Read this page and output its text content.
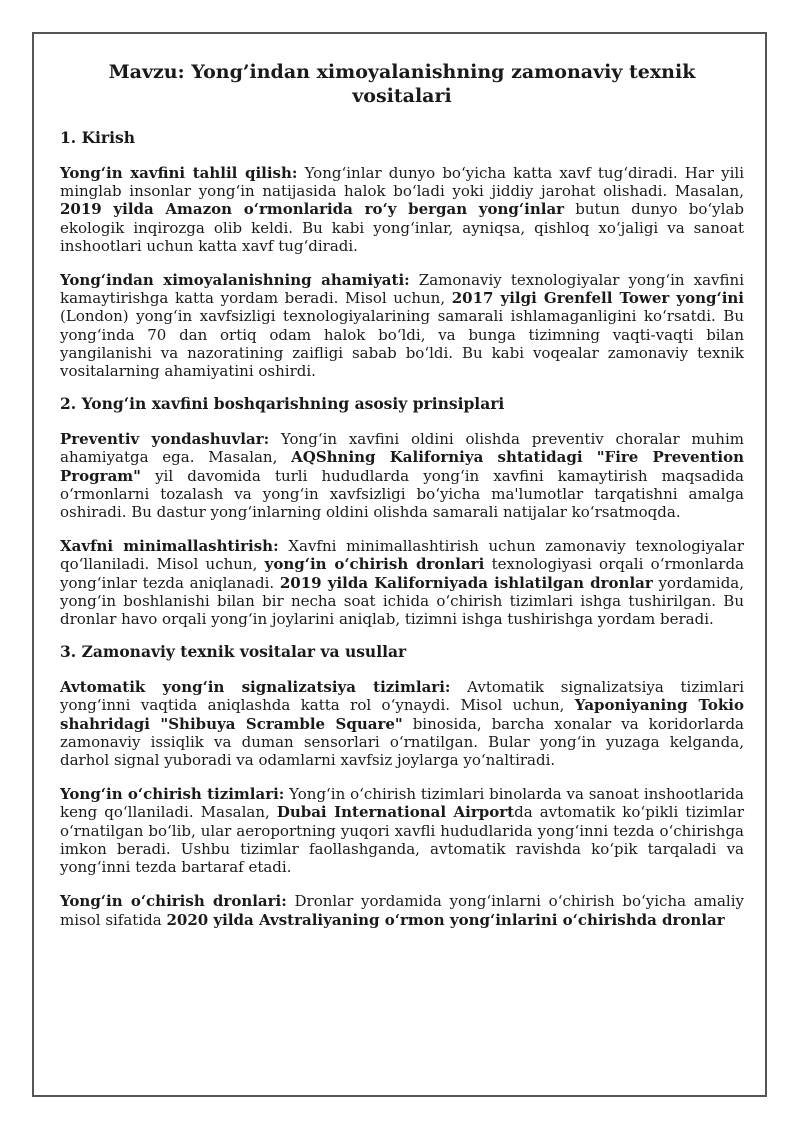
Mavzu: Yong’indan ximoyalanishning zamonaviy texnik vositalari
1. Kirish

Yong‘in xavfini tahlil qilish: Yong‘inlar dunyo bo‘yicha katta xavf tug‘diradi. Har yili minglab insonlar yong‘in natijasida halok bo‘ladi yoki jiddiy jarohat olishadi. Masalan, 2019 yilda Amazon o‘rmonlarida ro‘y bergan yong‘inlar butun dunyo bo‘ylab ekologik inqirozga olib keldi. Bu kabi yong‘inlar, ayniqsa, qishloq xo‘jaligi va sanoat inshootlari uchun katta xavf tug‘diradi.

Yong‘indan ximoyalanishning ahamiyati: Zamonaviy texnologiyalar yong‘in xavfini kamaytirishga katta yordam beradi. Misol uchun, 2017 yilgi Grenfell Tower yong‘ini (London) yong‘in xavfsizligi texnologiyalarining samarali ishlamaganligini ko‘rsatdi. Bu yong‘inda 70 dan ortiq odam halok bo‘ldi, va bunga tizimning vaqti-vaqti bilan yangilanishi va nazoratining zaifligi sabab bo‘ldi. Bu kabi voqealar zamonaviy texnik vositalarning ahamiyatini oshirdi.

2. Yong‘in xavfini boshqarishning asosiy prinsiplari

Preventiv yondashuvlar: Yong‘in xavfini oldini olishda preventiv choralar muhim ahamiyatga ega. Masalan, AQShning Kaliforniya shtatidagi "Fire Prevention Program" yil davomida turli hududlarda yong‘in xavfini kamaytirish maqsadida o‘rmonlarni tozalash va yong‘in xavfsizligi bo‘yicha ma'lumotlar tarqatishni amalga oshiradi. Bu dastur yong‘inlarning oldini olishda samarali natijalar ko‘rsatmoqda.

Xavfni minimallashtirish: Xavfni minimallashtirish uchun zamonaviy texnologiyalar qo‘llaniladi. Misol uchun, yong‘in o‘chirish dronlari texnologiyasi orqali o‘rmonlarda yong‘inlar tezda aniqlanadi. 2019 yilda Kaliforniyada ishlatilgan dronlar yordamida, yong‘in boshlanishi bilan bir necha soat ichida o‘chirish tizimlari ishga tushirilgan. Bu dronlar havo orqali yong‘in joylarini aniqlab, tizimni ishga tushirishga yordam beradi.

3. Zamonaviy texnik vositalar va usullar

Avtomatik yong‘in signalizatsiya tizimlari: Avtomatik signalizatsiya tizimlari yong‘inni vaqtida aniqlashda katta rol o‘ynaydi. Misol uchun, Yaponiyaning Tokio shahridagi "Shibuya Scramble Square" binosida, barcha xonalar va koridorlarda zamonaviy issiqlik va duman sensorlari o‘rnatilgan. Bular yong‘in yuzaga kelganda, darhol signal yuboradi va odamlarni xavfsiz joylarga yo‘naltiradi.

Yong‘in o‘chirish tizimlari: Yong‘in o‘chirish tizimlari binolarda va sanoat inshootlarida keng qo‘llaniladi. Masalan, Dubai International Airportda avtomatik ko‘pikli tizimlar o‘rnatilgan bo‘lib, ular aeroportning yuqori xavfli hududlarida yong‘inni tezda o‘chirishga imkon beradi. Ushbu tizimlar faollashganda, avtomatik ravishda ko‘pik tarqaladi va yong‘inni tezda bartaraf etadi.

Yong‘in o‘chirish dronlari: Dronlar yordamida yong‘inlarni o‘chirish bo‘yicha amaliy misol sifatida 2020 yilda Avstraliyaning o‘rmon yong‘inlarini o‘chirishda dronlar
